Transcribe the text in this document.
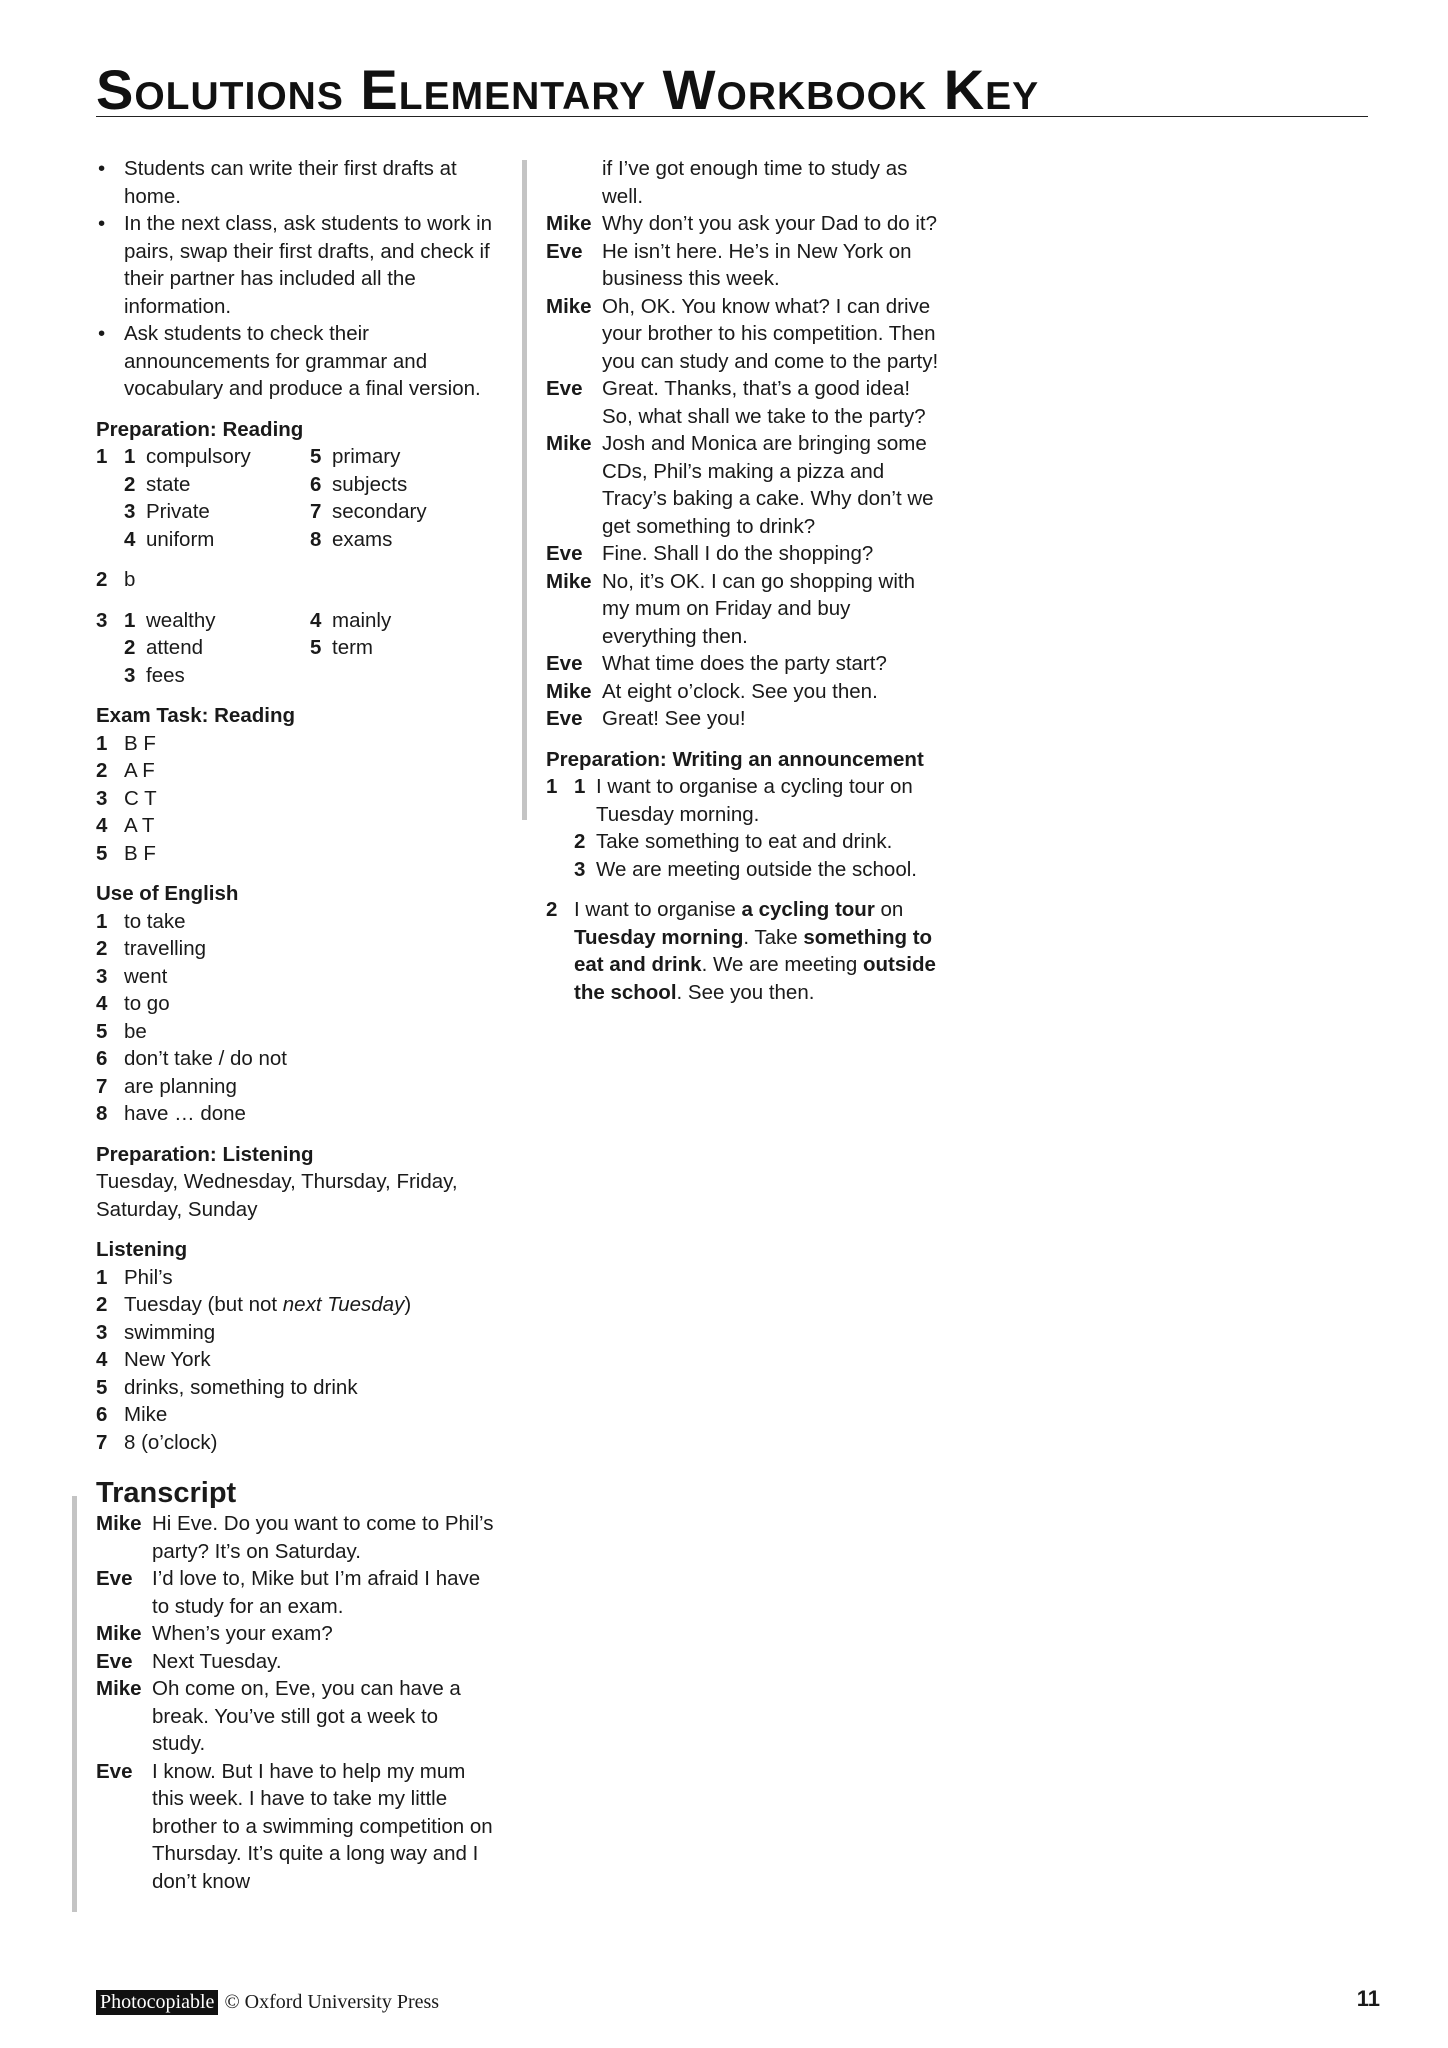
Solutions Elementary Workbook Key
• Students can write their first drafts at home.
• In the next class, ask students to work in pairs, swap their first drafts, and check if their partner has included all the information.
• Ask students to check their announcements for grammar and vocabulary and produce a final version.
Preparation: Reading
1 1 compulsory	5 primary
2 state	6 subjects
3 Private	7 secondary
4 uniform	8 exams
2 b
3 1 wealthy	4 mainly
2 attend	5 term
3 fees
Exam Task: Reading
1 B F
2 A F
3 C T
4 A T
5 B F
Use of English
1 to take
2 travelling
3 went
4 to go
5 be
6 don’t take / do not
7 are planning
8 have … done
Preparation: Listening
Tuesday, Wednesday, Thursday, Friday, Saturday, Sunday
Listening
1 Phil’s
2 Tuesday (but not next Tuesday)
3 swimming
4 New York
5 drinks, something to drink
6 Mike
7 8 (o’clock)
Transcript
Mike Hi Eve. Do you want to come to Phil’s party? It’s on Saturday.
Eve I’d love to, Mike but I’m afraid I have to study for an exam.
Mike When’s your exam?
Eve Next Tuesday.
Mike Oh come on, Eve, you can have a break. You’ve still got a week to study.
Eve I know. But I have to help my mum this week. I have to take my little brother to a swimming competition on Thursday. It’s quite a long way and I don’t know
if I’ve got enough time to study as well.
Mike Why don’t you ask your Dad to do it?
Eve He isn’t here. He’s in New York on business this week.
Mike Oh, OK. You know what? I can drive your brother to his competition. Then you can study and come to the party!
Eve Great. Thanks, that’s a good idea! So, what shall we take to the party?
Mike Josh and Monica are bringing some CDs, Phil’s making a pizza and Tracy’s baking a cake. Why don’t we get something to drink?
Eve Fine. Shall I do the shopping?
Mike No, it’s OK. I can go shopping with my mum on Friday and buy everything then.
Eve What time does the party start?
Mike At eight o’clock. See you then.
Eve Great! See you!
Preparation: Writing an announcement
1 1 I want to organise a cycling tour on Tuesday morning.
2 Take something to eat and drink.
3 We are meeting outside the school.
2 I want to organise a cycling tour on Tuesday morning. Take something to eat and drink. We are meeting outside the school. See you then.
Photocopiable © Oxford University Press	11
